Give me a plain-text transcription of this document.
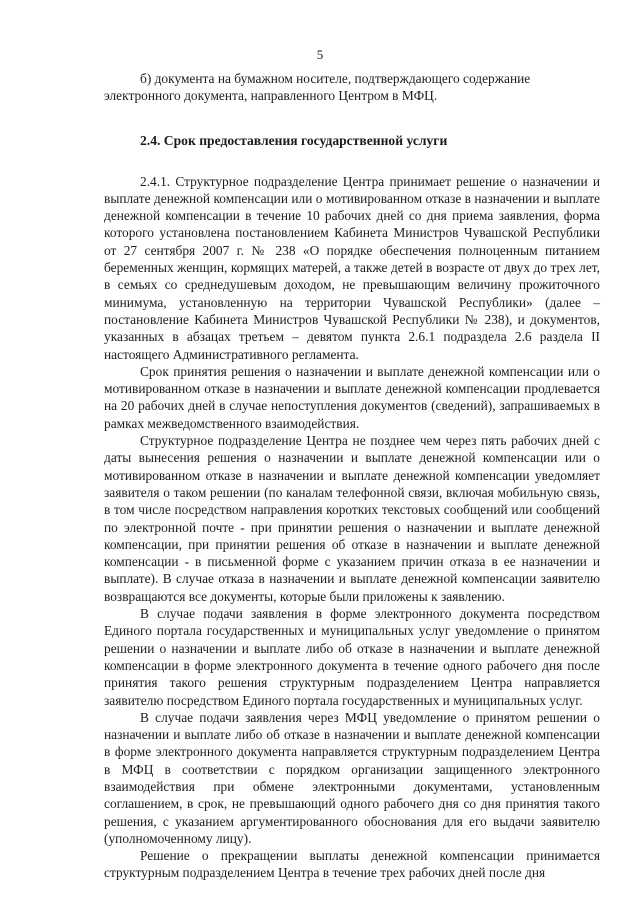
5

б) документа на бумажном носителе, подтверждающего содержание

электронного документа, направленного Центром в МФЦ.

2.4. Срок предоставления государственной услуги

2.4.1. Структурное подразделение Центра принимает решение о назначении и выплате денежной компенсации или о мотивированном отказе в назначении и выплате денежной компенсации в течение 10 рабочих дней со дня приема заявления, форма которого установлена постановлением Кабинета Министров Чувашской Республики от 27 сентября 2007 г. № 238 «О порядке обеспечения полноценным питанием беременных женщин, кормящих матерей, а также детей в возрасте от двух до трех лет, в семьях со среднедушевым доходом, не превышающим величину прожиточного минимума, установленную на территории Чувашской Республики» (далее – постановление Кабинета Министров Чувашской Республики № 238), и документов, указанных в абзацах третьем – девятом пункта 2.6.1 подраздела 2.6 раздела II настоящего Административного регламента.

Срок принятия решения о назначении и выплате денежной компенсации или о мотивированном отказе в назначении и выплате денежной компенсации продлевается на 20 рабочих дней в случае непоступления документов (сведений), запрашиваемых в рамках межведомственного взаимодействия.

Структурное подразделение Центра не позднее чем через пять рабочих дней с даты вынесения решения о назначении и выплате денежной компенсации или о мотивированном отказе в назначении и выплате денежной компенсации уведомляет заявителя о таком решении (по каналам телефонной связи, включая мобильную связь, в том числе посредством направления коротких текстовых сообщений или сообщений по электронной почте - при принятии решения о назначении и выплате денежной компенсации, при принятии решения об отказе в назначении и выплате денежной компенсации - в письменной форме с указанием причин отказа в ее назначении и выплате). В случае отказа в назначении и выплате денежной компенсации заявителю возвращаются все документы, которые были приложены к заявлению.

В случае подачи заявления в форме электронного документа посредством Единого портала государственных и муниципальных услуг уведомление о принятом решении о назначении и выплате либо об отказе в назначении и выплате денежной компенсации в форме электронного документа в течение одного рабочего дня после принятия такого решения структурным подразделением Центра направляется заявителю посредством Единого портала государственных и муниципальных услуг.

В случае подачи заявления через МФЦ уведомление о принятом решении о назначении и выплате либо об отказе в назначении и выплате денежной компенсации в форме электронного документа направляется структурным подразделением Центра в МФЦ в соответствии с порядком организации защищенного электронного взаимодействия при обмене электронными документами, установленным соглашением, в срок, не превышающий одного рабочего дня со дня принятия такого решения, с указанием аргументированного обоснования для его выдачи заявителю (уполномоченному лицу).

Решение о прекращении выплаты денежной компенсации принимается структурным подразделением Центра в течение трех рабочих дней после дня
